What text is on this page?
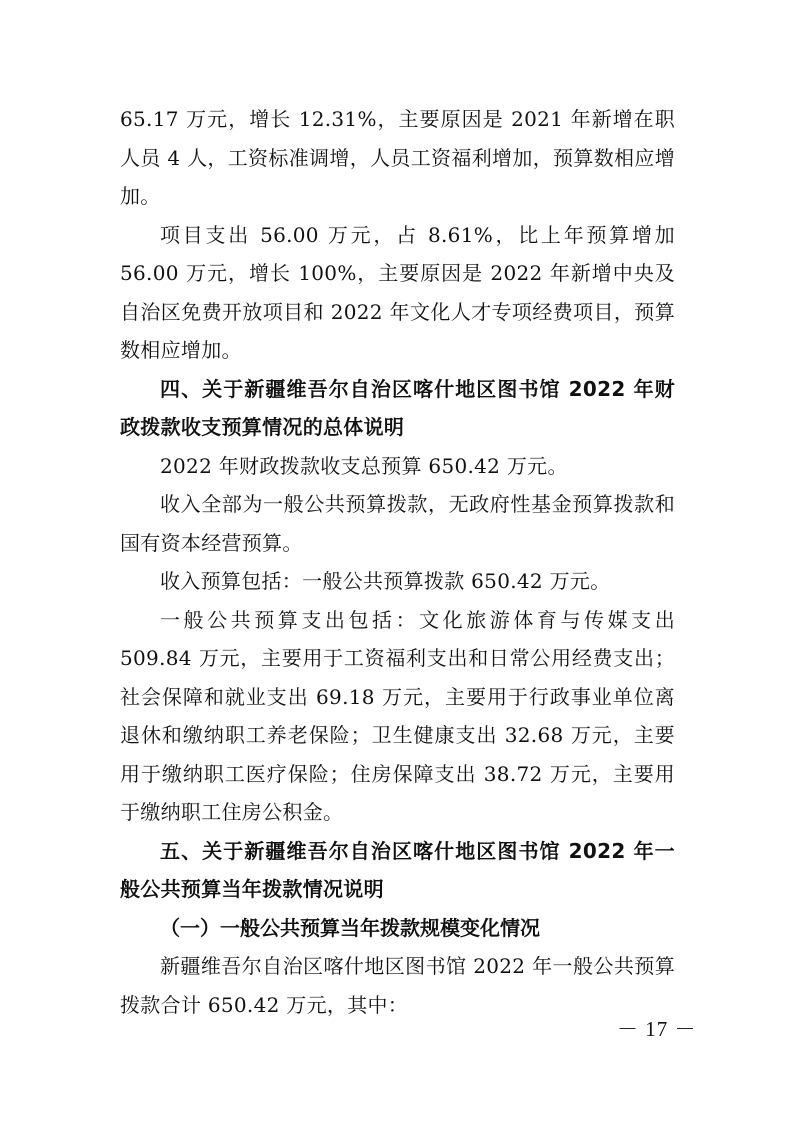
65.17 万元，增长 12.31%，主要原因是 2021 年新增在职人员 4 人，工资标准调增，人员工资福利增加，预算数相应增加。

项目支出 56.00 万元，占 8.61%，比上年预算增加 56.00 万元，增长 100%，主要原因是 2022 年新增中央及自治区免费开放项目和 2022 年文化人才专项经费项目，预算数相应增加。

四、关于新疆维吾尔自治区喀什地区图书馆 2022 年财政拨款收支预算情况的总体说明

2022 年财政拨款收支总预算 650.42 万元。

收入全部为一般公共预算拨款，无政府性基金预算拨款和国有资本经营预算。

收入预算包括：一般公共预算拨款 650.42 万元。

一般公共预算支出包括：文化旅游体育与传媒支出 509.84 万元，主要用于工资福利支出和日常公用经费支出；社会保障和就业支出 69.18 万元，主要用于行政事业单位离退休和缴纳职工养老保险；卫生健康支出 32.68 万元，主要用于缴纳职工医疗保险；住房保障支出 38.72 万元，主要用于缴纳职工住房公积金。

五、关于新疆维吾尔自治区喀什地区图书馆 2022 年一般公共预算当年拨款情况说明

（一）一般公共预算当年拨款规模变化情况

新疆维吾尔自治区喀什地区图书馆 2022 年一般公共预算拨款合计 650.42 万元，其中：

－ 17 －
